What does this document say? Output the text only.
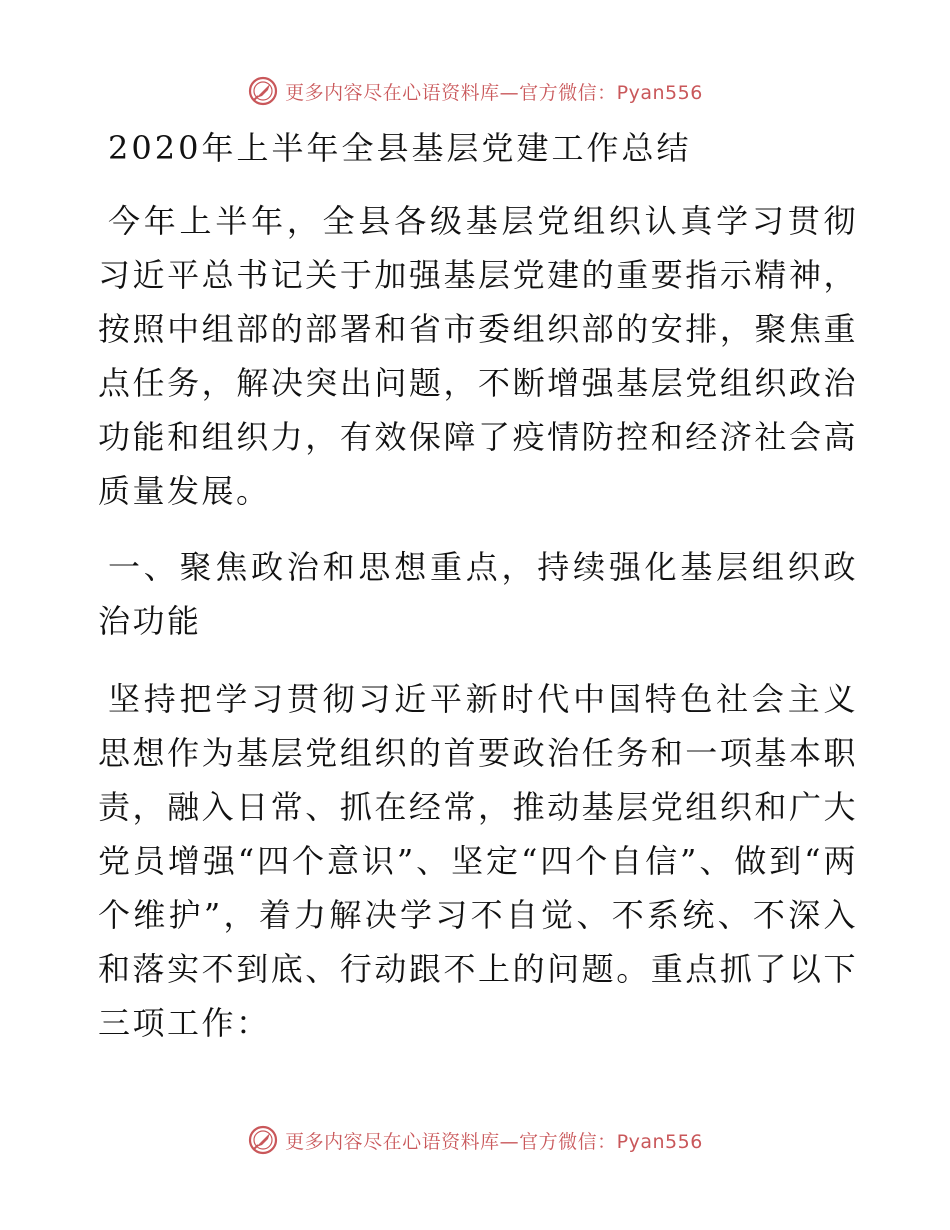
更多内容尽在心语资料库—官方微信：Pyan556
2020年上半年全县基层党建工作总结

今年上半年，全县各级基层党组织认真学习贯彻习近平总书记关于加强基层党建的重要指示精神，按照中组部的部署和省市委组织部的安排，聚焦重点任务，解决突出问题，不断增强基层党组织政治功能和组织力，有效保障了疫情防控和经济社会高质量发展。

一、聚焦政治和思想重点，持续强化基层组织政治功能

坚持把学习贯彻习近平新时代中国特色社会主义思想作为基层党组织的首要政治任务和一项基本职责，融入日常、抓在经常，推动基层党组织和广大党员增强“四个意识”、坚定“四个自信”、做到“两个维护”，着力解决学习不自觉、不系统、不深入和落实不到底、行动跟不上的问题。重点抓了以下三项工作：

更多内容尽在心语资料库—官方微信：Pyan556
